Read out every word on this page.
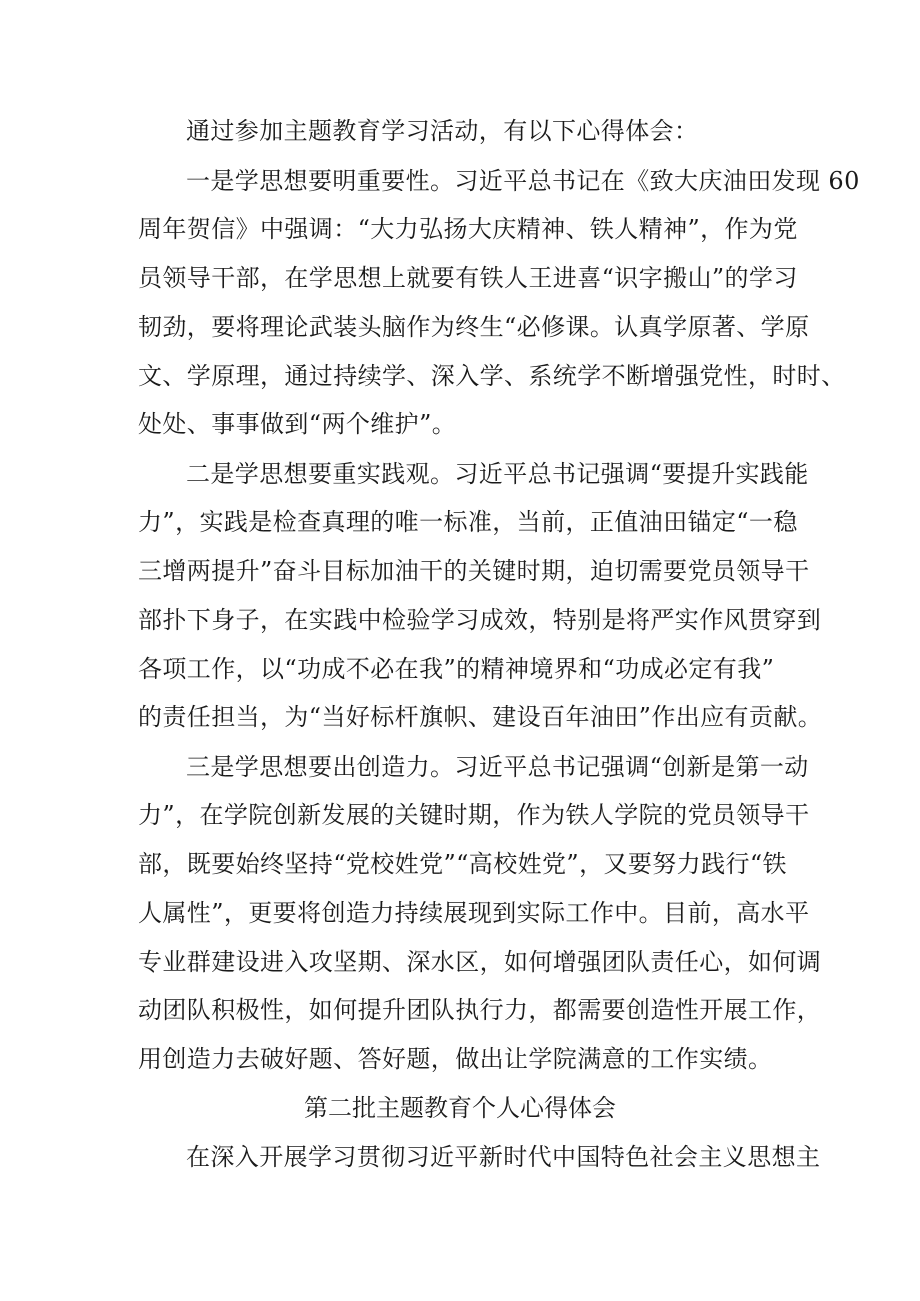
通过参加主题教育学习活动，有以下心得体会：
一是学思想要明重要性。习近平总书记在《致大庆油田发现 60
周年贺信》中强调：“大力弘扬大庆精神、铁人精神”，作为党
员领导干部，在学思想上就要有铁人王进喜“识字搬山”的学习
韧劲，要将理论武装头脑作为终生“必修课。认真学原著、学原
文、学原理，通过持续学、深入学、系统学不断增强党性，时时、
处处、事事做到“两个维护”。
二是学思想要重实践观。习近平总书记强调“要提升实践能
力”，实践是检查真理的唯一标准，当前，正值油田锚定“一稳
三增两提升”奋斗目标加油干的关键时期，迫切需要党员领导干
部扑下身子，在实践中检验学习成效，特别是将严实作风贯穿到
各项工作，以“功成不必在我”的精神境界和“功成必定有我”
的责任担当，为“当好标杆旗帜、建设百年油田”作出应有贡献。
三是学思想要出创造力。习近平总书记强调“创新是第一动
力”，在学院创新发展的关键时期，作为铁人学院的党员领导干
部，既要始终坚持“党校姓党”“高校姓党”，又要努力践行“铁
人属性”，更要将创造力持续展现到实际工作中。目前，高水平
专业群建设进入攻坚期、深水区，如何增强团队责任心，如何调
动团队积极性，如何提升团队执行力，都需要创造性开展工作，
用创造力去破好题、答好题，做出让学院满意的工作实绩。
第二批主题教育个人心得体会
在深入开展学习贯彻习近平新时代中国特色社会主义思想主
